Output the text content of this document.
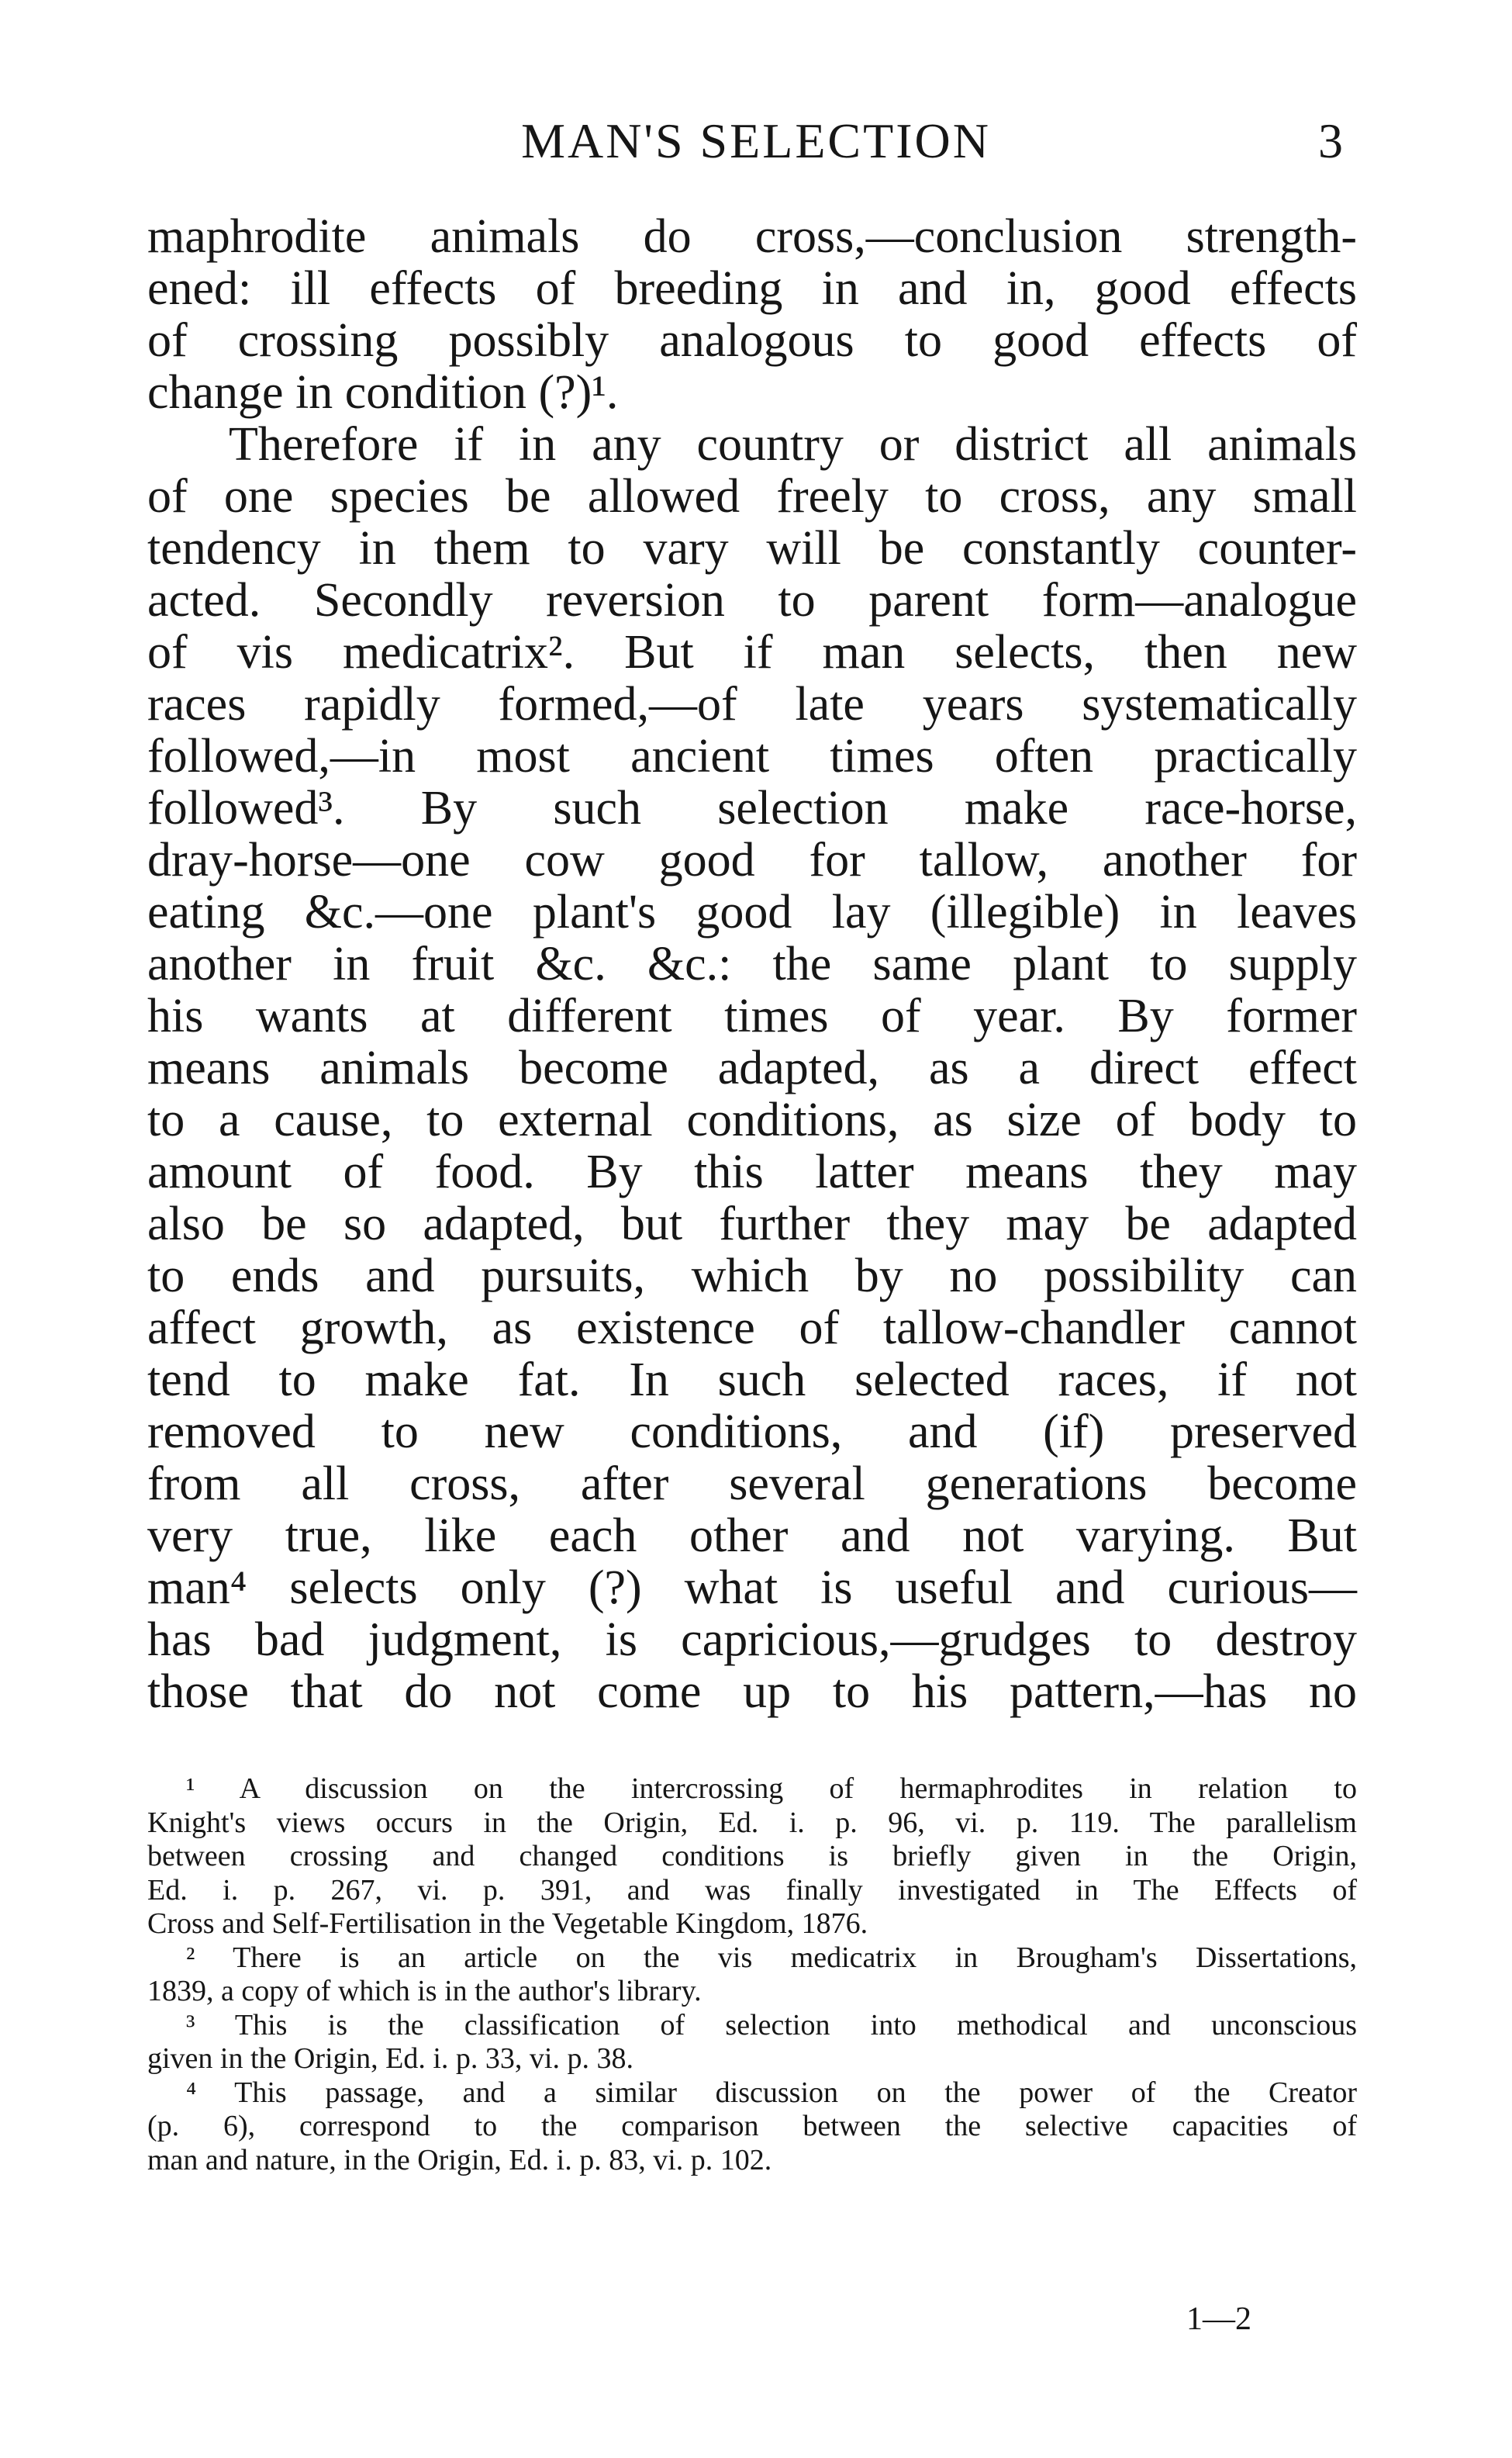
MAN'S SELECTION	3
maphrodite animals do cross,—conclusion strength-
ened: ill effects of breeding in and in, good effects
of crossing possibly analogous to good effects of
change in condition (?)¹.
Therefore if in any country or district all animals
of one species be allowed freely to cross, any small
tendency in them to vary will be constantly counter-
acted. Secondly reversion to parent form—analogue
of vis medicatrix². But if man selects, then new
races rapidly formed,—of late years systematically
followed,—in most ancient times often practically
followed³. By such selection make race-horse,
dray-horse—one cow good for tallow, another for
eating &c.—one plant's good lay (illegible) in leaves
another in fruit &c. &c.: the same plant to supply
his wants at different times of year. By former
means animals become adapted, as a direct effect
to a cause, to external conditions, as size of body to
amount of food. By this latter means they may
also be so adapted, but further they may be adapted
to ends and pursuits, which by no possibility can
affect growth, as existence of tallow-chandler cannot
tend to make fat. In such selected races, if not
removed to new conditions, and (if) preserved
from all cross, after several generations become
very true, like each other and not varying. But
man⁴ selects only (?) what is useful and curious—
has bad judgment, is capricious,—grudges to destroy
those that do not come up to his pattern,—has no
¹ A discussion on the intercrossing of hermaphrodites in relation to
Knight's views occurs in the Origin, Ed. i. p. 96, vi. p. 119. The parallelism
between crossing and changed conditions is briefly given in the Origin,
Ed. i. p. 267, vi. p. 391, and was finally investigated in The Effects of
Cross and Self-Fertilisation in the Vegetable Kingdom, 1876.
² There is an article on the vis medicatrix in Brougham's Dissertations,
1839, a copy of which is in the author's library.
³ This is the classification of selection into methodical and unconscious
given in the Origin, Ed. i. p. 33, vi. p. 38.
⁴ This passage, and a similar discussion on the power of the Creator
(p. 6), correspond to the comparison between the selective capacities of
man and nature, in the Origin, Ed. i. p. 83, vi. p. 102.
1—2
